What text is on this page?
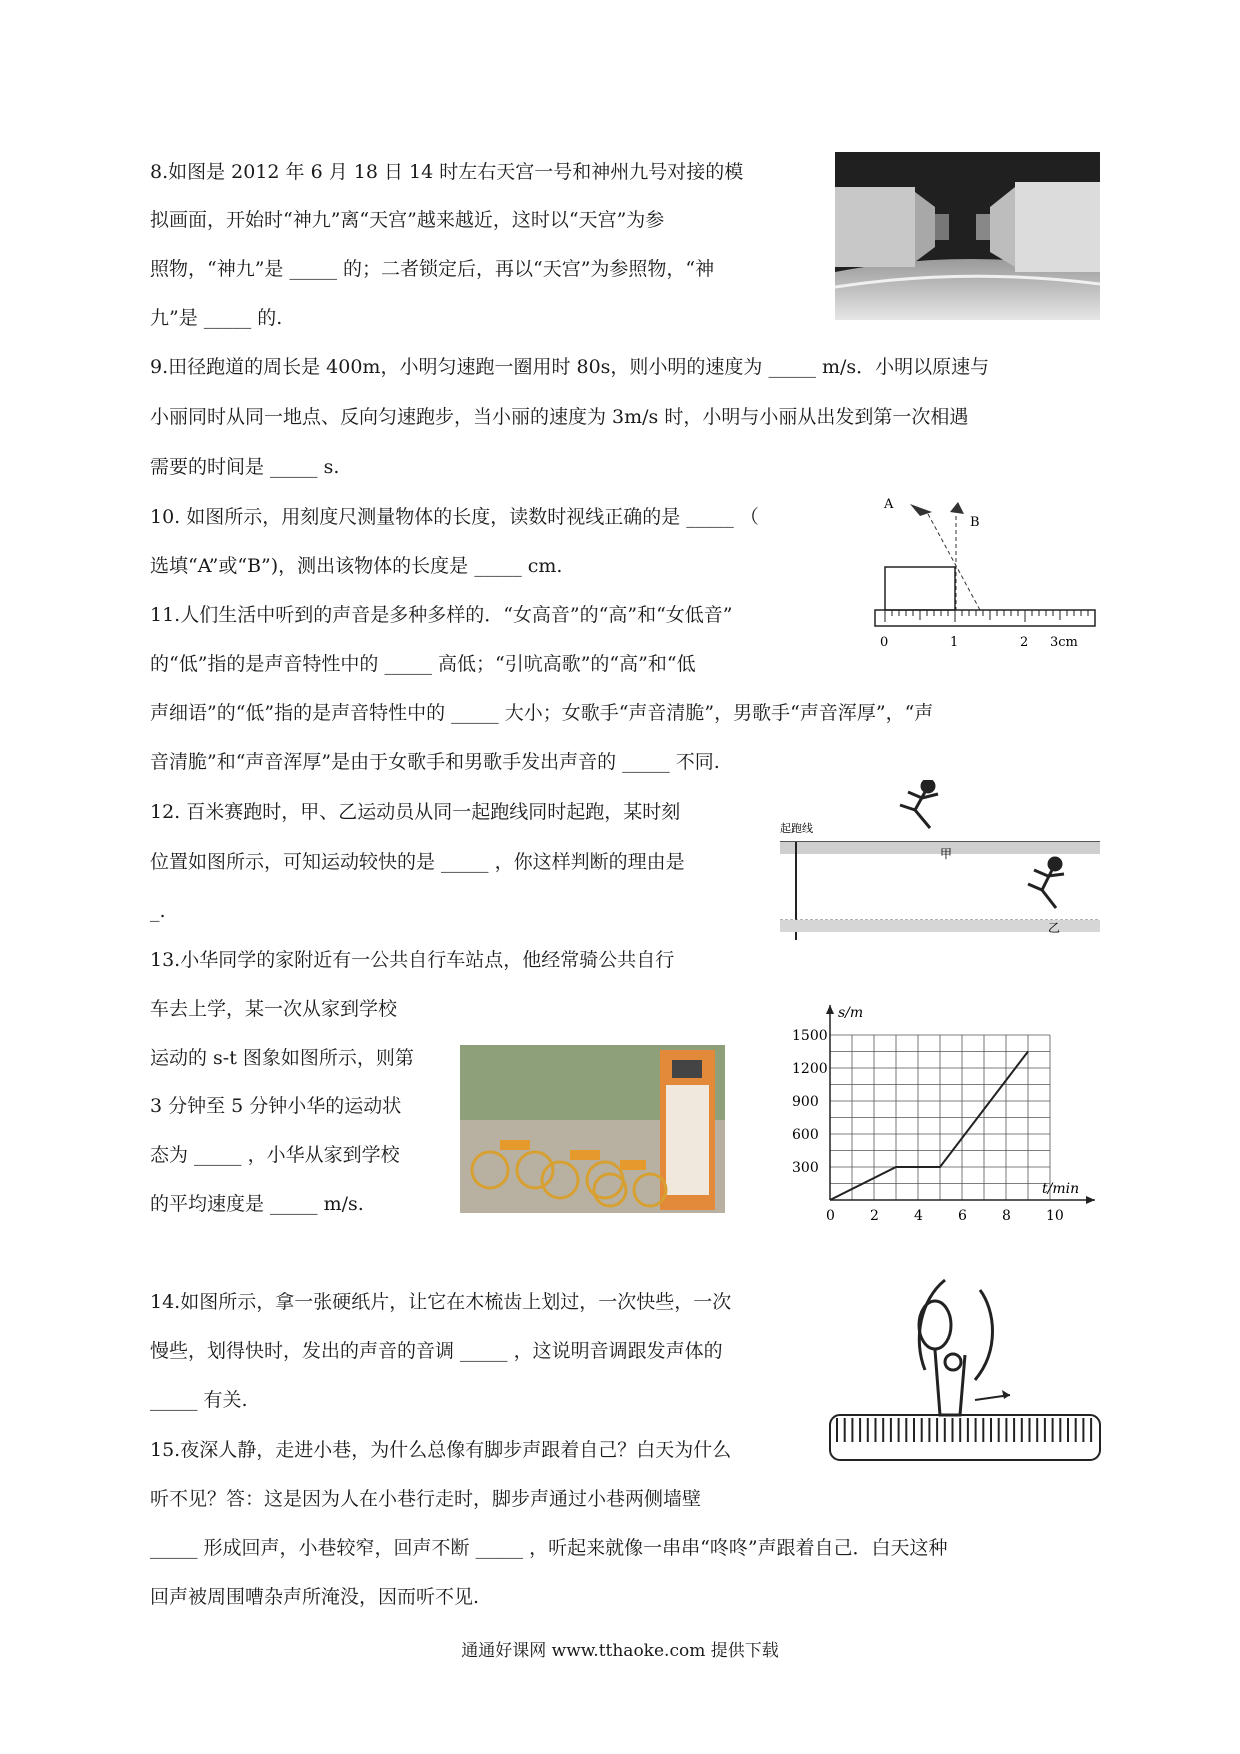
8.如图是 2012 年 6 月 18 日 14 时左右天宫一号和神州九号对接的模

拟画面，开始时“神九”离“天宫”越来越近，这时以“天宫”为参

照物，“神九”是 _____ 的；二者锁定后，再以“天宫”为参照物，“神

九”是 _____ 的.

9.田径跑道的周长是 400m，小明匀速跑一圈用时 80s，则小明的速度为 _____ m/s．小明以原速与

小丽同时从同一地点、反向匀速跑步，当小丽的速度为 3m/s 时，小明与小丽从出发到第一次相遇

需要的时间是 _____ s.

10. 如图所示，用刻度尺测量物体的长度，读数时视线正确的是 _____ （

选填“A”或“B”)，测出该物体的长度是 _____ cm.

A
B
0	1	2 3cm

11.人们生活中听到的声音是多种多样的．“女高音”的“高”和“女低音”

的“低”指的是声音特性中的 _____ 高低；“引吭高歌”的“高”和“低

声细语”的“低”指的是声音特性中的 _____ 大小；女歌手“声音清脆”，男歌手“声音浑厚”，“声

音清脆”和“声音浑厚”是由于女歌手和男歌手发出声音的 _____ 不同.

12. 百米赛跑时，甲、乙运动员从同一起跑线同时起跑，某时刻

位置如图所示，可知运动较快的是 _____ ，你这样判断的理由是

_.

起跑线
甲
乙

13.小华同学的家附近有一公共自行车站点，他经常骑公共自行

车去上学，某一次从家到学校

运动的 s-t 图象如图所示，则第

3 分钟至 5 分钟小华的运动状

态为 _____ ，小华从家到学校

的平均速度是 _____ m/s.

s/m
t/min
0	2	4	6	8	10
300
600
900
1200
1500

14.如图所示，拿一张硬纸片，让它在木梳齿上划过，一次快些，一次

慢些，划得快时，发出的声音的音调 _____ ，这说明音调跟发声体的

_____ 有关.

15.夜深人静，走进小巷，为什么总像有脚步声跟着自己？白天为什么

听不见？答：这是因为人在小巷行走时，脚步声通过小巷两侧墙壁

_____ 形成回声，小巷较窄，回声不断 _____ ，听起来就像一串串“咚咚”声跟着自己．白天这种

回声被周围嘈杂声所淹没，因而听不见.

通通好课网 www.tthaoke.com 提供下载
